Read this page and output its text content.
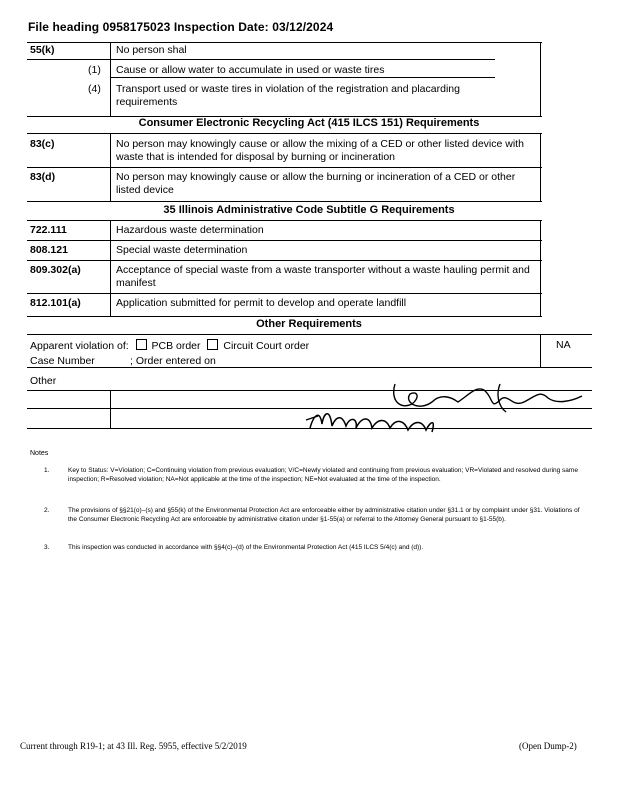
File heading 0958175023 Inspection Date: 03/12/2024
55(k)	No person shal
(1) Cause or allow water to accumulate in used or waste tires
(4) Transport used or waste tires in violation of the registration and placarding requirements
Consumer Electronic Recycling Act (415 ILCS 151) Requirements
83(c)	No person may knowingly cause or allow the mixing of a CED or other listed device with waste that is intended for disposal by burning or incineration
83(d)	No person may knowingly cause or allow the burning or incineration of a CED or other listed device
35 Illinois Administrative Code Subtitle G Requirements
722.111	Hazardous waste determination
808.121	Special waste determination
809.302(a)	Acceptance of special waste from a waste transporter without a waste hauling permit and manifest
812.101(a)	Application submitted for permit to develop and operate landfill
Other Requirements
Apparent violation of: PCB order Circuit Court order	NA
Case Number	; Order entered on
Other
Notes
1.	Key to Status: V=Violation; C=Continuing violation from previous evaluation; V/C=Newly violated and continuing from previous evaluation; VR=Violated and resolved during same inspection; R=Resolved violation; NA=Not applicable at the time of the inspection; NE=Not evaluated at the time of the inspection.
2.	The provisions of §§21(o)–(s) and §55(k) of the Environmental Protection Act are enforceable either by administrative citation under §31.1 or by complaint under §31. Violations of the Consumer Electronic Recycling Act are enforceable by administrative citation under §1-55(a) or referral to the Attorney General pursuant to §1-55(b).
3.	This inspection was conducted in accordance with §§4(c)–(d) of the Environmental Protection Act (415 ILCS 5/4(c) and (d)).
Current through R19-1; at 43 Ill. Reg. 5955, effective 5/2/2019	(Open Dump-2)
